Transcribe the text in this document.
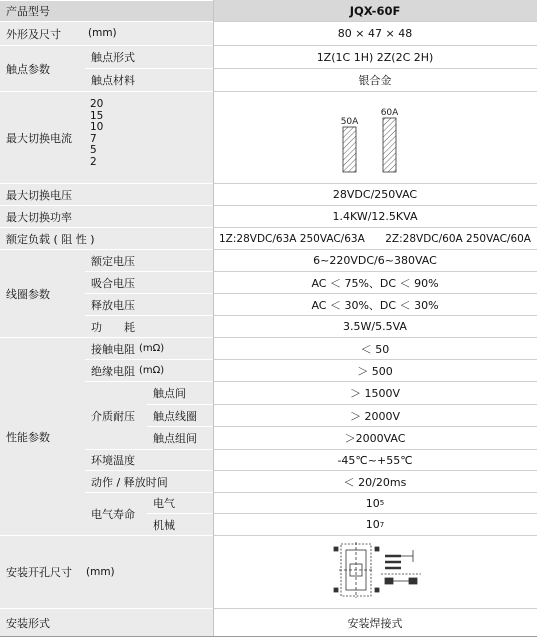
产品型号	JQX-60F
外形及尺寸	(mm)	80 × 47 × 48
触点参数
触点形式	1Z(1C 1H) 2Z(2C 2H)
触点材料	银合金
最大切换电流
20
15
10
7
5
2
50A
60A
最大切换电压	28VDC/250VAC
最大切换功率	1.4KW/12.5KVA
额定负载 ( 阻 性 )	1Z:28VDC/63A 250VAC/63A 2Z:28VDC/60A 250VAC/60A
线圈参数
额定电压	6~220VDC/6~380VAC
吸合电压	AC ＜ 75%、DC ＜ 90%
释放电压	AC ＜ 30%、DC ＜ 30%
功　　耗	3.5W/5.5VA
性能参数
接触电阻 (mΩ)	＜ 50
绝缘电阻 (mΩ)	＞ 500
介质耐压
触点间	＞ 1500V
触点线圈	＞ 2000V
触点组间	＞2000VAC
环境温度	-45℃~+55℃
动作 / 释放时间	＜ 20/20ms
电气寿命
电气	10 5
机械	10 7
安装开孔尺寸 (mm)
安装形式	安装焊接式
